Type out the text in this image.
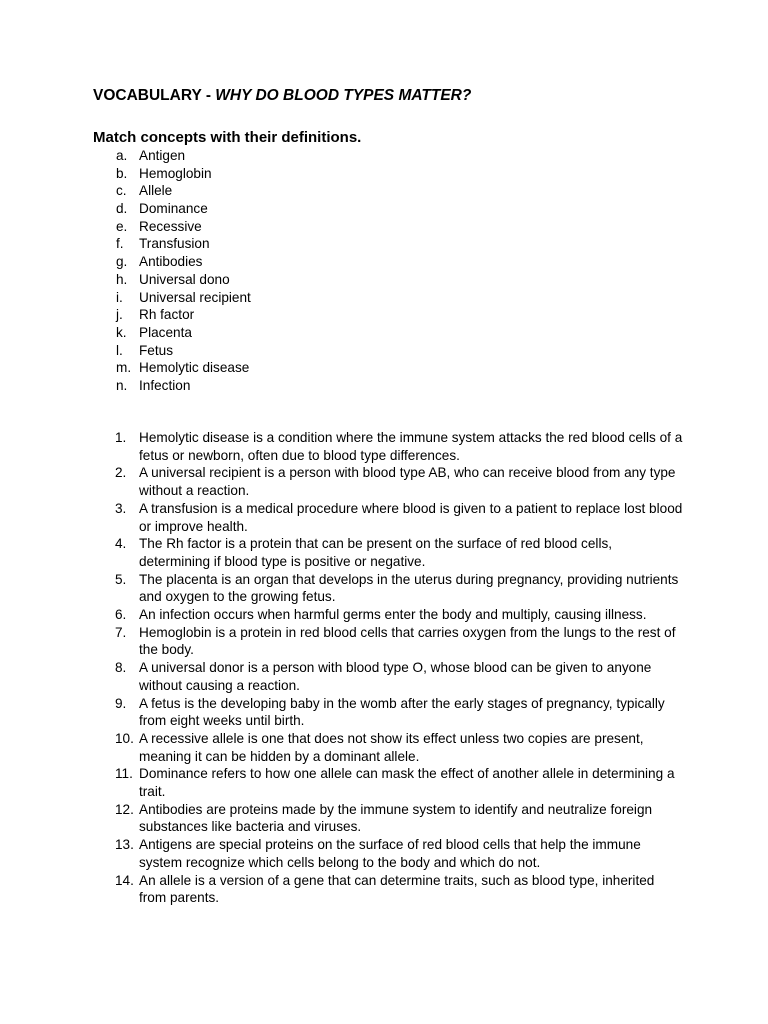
VOCABULARY - WHY DO BLOOD TYPES MATTER?
Match concepts with their definitions.
a. Antigen
b. Hemoglobin
c. Allele
d. Dominance
e. Recessive
f. Transfusion
g. Antibodies
h. Universal dono
i. Universal recipient
j. Rh factor
k. Placenta
l. Fetus
m. Hemolytic disease
n. Infection
1. Hemolytic disease is a condition where the immune system attacks the red blood cells of a fetus or newborn, often due to blood type differences.
2. A universal recipient is a person with blood type AB, who can receive blood from any type without a reaction.
3. A transfusion is a medical procedure where blood is given to a patient to replace lost blood or improve health.
4. The Rh factor is a protein that can be present on the surface of red blood cells, determining if blood type is positive or negative.
5. The placenta is an organ that develops in the uterus during pregnancy, providing nutrients and oxygen to the growing fetus.
6. An infection occurs when harmful germs enter the body and multiply, causing illness.
7. Hemoglobin is a protein in red blood cells that carries oxygen from the lungs to the rest of the body.
8. A universal donor is a person with blood type O, whose blood can be given to anyone without causing a reaction.
9. A fetus is the developing baby in the womb after the early stages of pregnancy, typically from eight weeks until birth.
10. A recessive allele is one that does not show its effect unless two copies are present, meaning it can be hidden by a dominant allele.
11. Dominance refers to how one allele can mask the effect of another allele in determining a trait.
12. Antibodies are proteins made by the immune system to identify and neutralize foreign substances like bacteria and viruses.
13. Antigens are special proteins on the surface of red blood cells that help the immune system recognize which cells belong to the body and which do not.
14. An allele is a version of a gene that can determine traits, such as blood type, inherited from parents.
